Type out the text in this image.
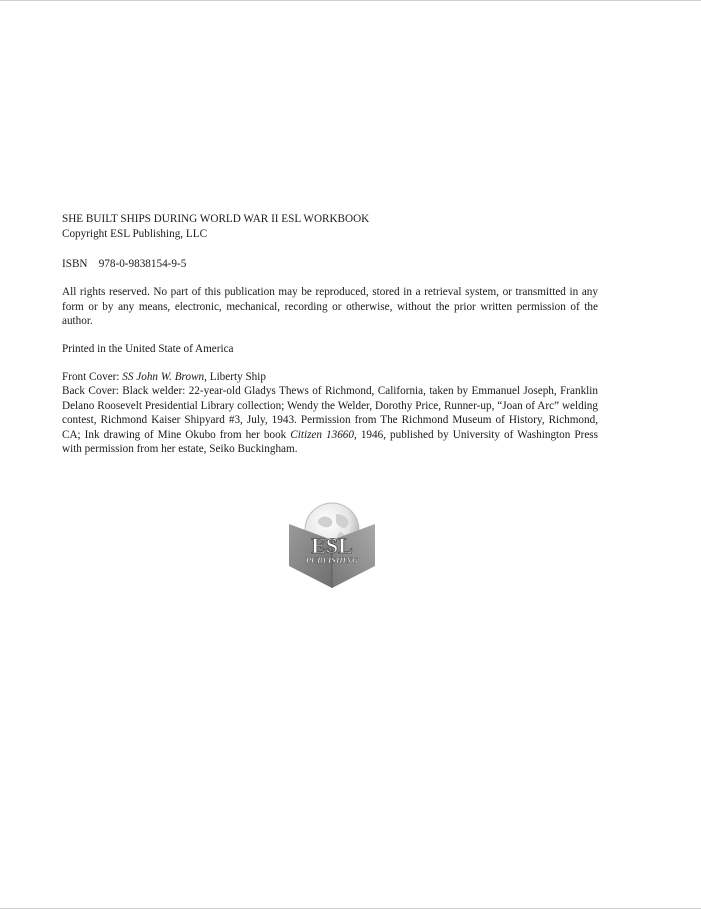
SHE BUILT SHIPS DURING WORLD WAR II ESL WORKBOOK
Copyright ESL Publishing, LLC
ISBN 978-0-9838154-9-5
All rights reserved. No part of this publication may be reproduced, stored in a retrieval system, or transmitted in any form or by any means, electronic, mechanical, recording or otherwise, without the prior written permission of the author.
Printed in the United State of America
Front Cover: SS John W. Brown, Liberty Ship
Back Cover: Black welder: 22-year-old Gladys Thews of Richmond, California, taken by Emmanuel Joseph, Franklin Delano Roosevelt Presidential Library collection; Wendy the Welder, Dorothy Price, Runner-up, “Joan of Arc” welding contest, Richmond Kaiser Shipyard #3, July, 1943. Permission from The Richmond Museum of History, Richmond, CA; Ink drawing of Mine Okubo from her book Citizen 13660, 1946, published by University of Washington Press with permission from her estate, Seiko Buckingham.
ESL
PUBLISHING
